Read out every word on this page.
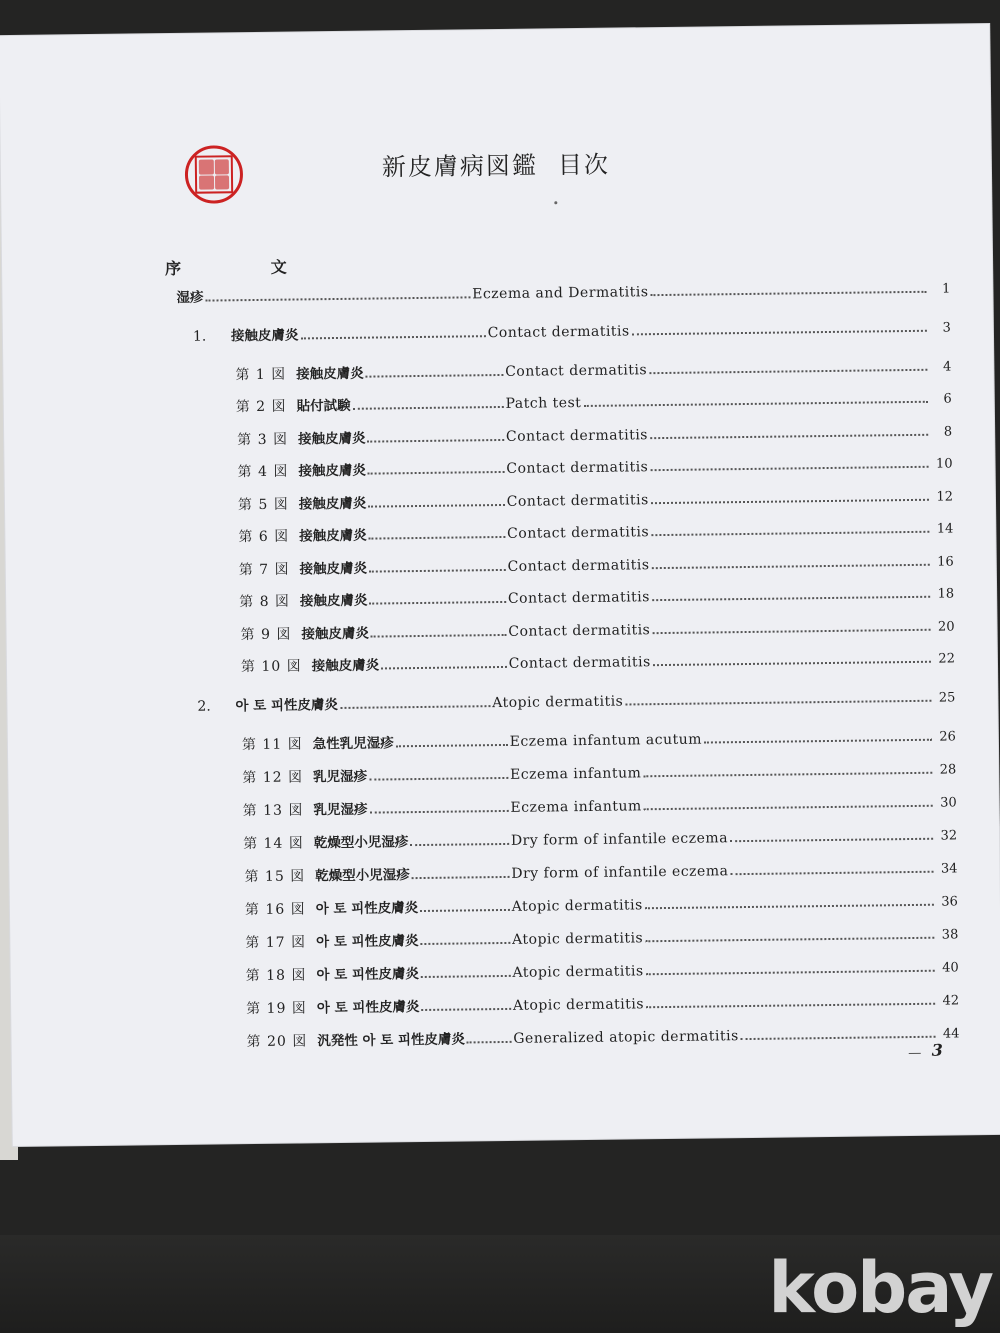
新皮膚病図鑑 目次
序 文
湿疹	Eczema and Dermatitis	1
1.	接触皮膚炎	Contact dermatitis	3
第 1 図 接触皮膚炎	Contact dermatitis	4
第 2 図 貼付試験	Patch test	6
第 3 図 接触皮膚炎	Contact dermatitis	8
第 4 図 接触皮膚炎	Contact dermatitis	10
第 5 図 接触皮膚炎	Contact dermatitis	12
第 6 図 接触皮膚炎	Contact dermatitis	14
第 7 図 接触皮膚炎	Contact dermatitis	16
第 8 図 接触皮膚炎	Contact dermatitis	18
第 9 図 接触皮膚炎	Contact dermatitis	20
第 10 図 接触皮膚炎	Contact dermatitis	22
2.	아 토 피性皮膚炎	Atopic dermatitis	25
第 11 図 急性乳児湿疹	Eczema infantum acutum	26
第 12 図 乳児湿疹	Eczema infantum	28
第 13 図 乳児湿疹	Eczema infantum	30
第 14 図 乾燥型小児湿疹	Dry form of infantile eczema	32
第 15 図 乾燥型小児湿疹	Dry form of infantile eczema	34
第 16 図 아 토 피性皮膚炎	Atopic dermatitis	36
第 17 図 아 토 피性皮膚炎	Atopic dermatitis	38
第 18 図 아 토 피性皮膚炎	Atopic dermatitis	40
第 19 図 아 토 피性皮膚炎	Atopic dermatitis	42
第 20 図 汎発性 아 토 피性皮膚炎	Generalized atopic dermatitis	44
3
kobay
